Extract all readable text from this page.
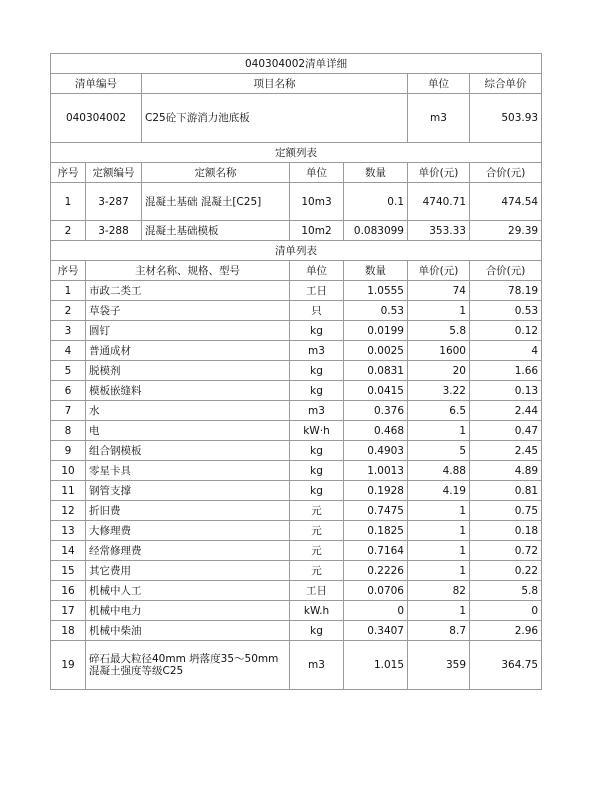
040304002清单详细						
清单编号		项目名称			单位	综合单价
040304002		C25砼下游消力池底板			m3	503.93
定额列表						
序号	定额编号	定额名称	单位	数量	单价(元)	合价(元)
1	3-287	混凝土基础 混凝土[C25]	10m3	0.1	4740.71	474.54
2	3-288	混凝土基础模板	10m2	0.083099	353.33	29.39
清单列表						
序号	主材名称、规格、型号		单位	数量	单价(元)	合价(元)
1	市政二类工		工日	1.0555	74	78.19
2	草袋子		只	0.53	1	0.53
3	圆钉		kg	0.0199	5.8	0.12
4	普通成材		m3	0.0025	1600	4
5	脱模剂		kg	0.0831	20	1.66
6	模板嵌缝料		kg	0.0415	3.22	0.13
7	水		m3	0.376	6.5	2.44
8	电		kW·h	0.468	1	0.47
9	组合钢模板		kg	0.4903	5	2.45
10	零星卡具		kg	1.0013	4.88	4.89
11	钢管支撑		kg	0.1928	4.19	0.81
12	折旧费		元	0.7475	1	0.75
13	大修理费		元	0.1825	1	0.18
14	经常修理费		元	0.7164	1	0.72
15	其它费用		元	0.2226	1	0.22
16	机械中人工		工日	0.0706	82	5.8
17	机械中电力		kW.h	0	1	0
18	机械中柴油		kg	0.3407	8.7	2.96
19	碎石最大粒径40mm 坍落度35～50mm混凝土强度等级C25		m3	1.015	359	364.75
